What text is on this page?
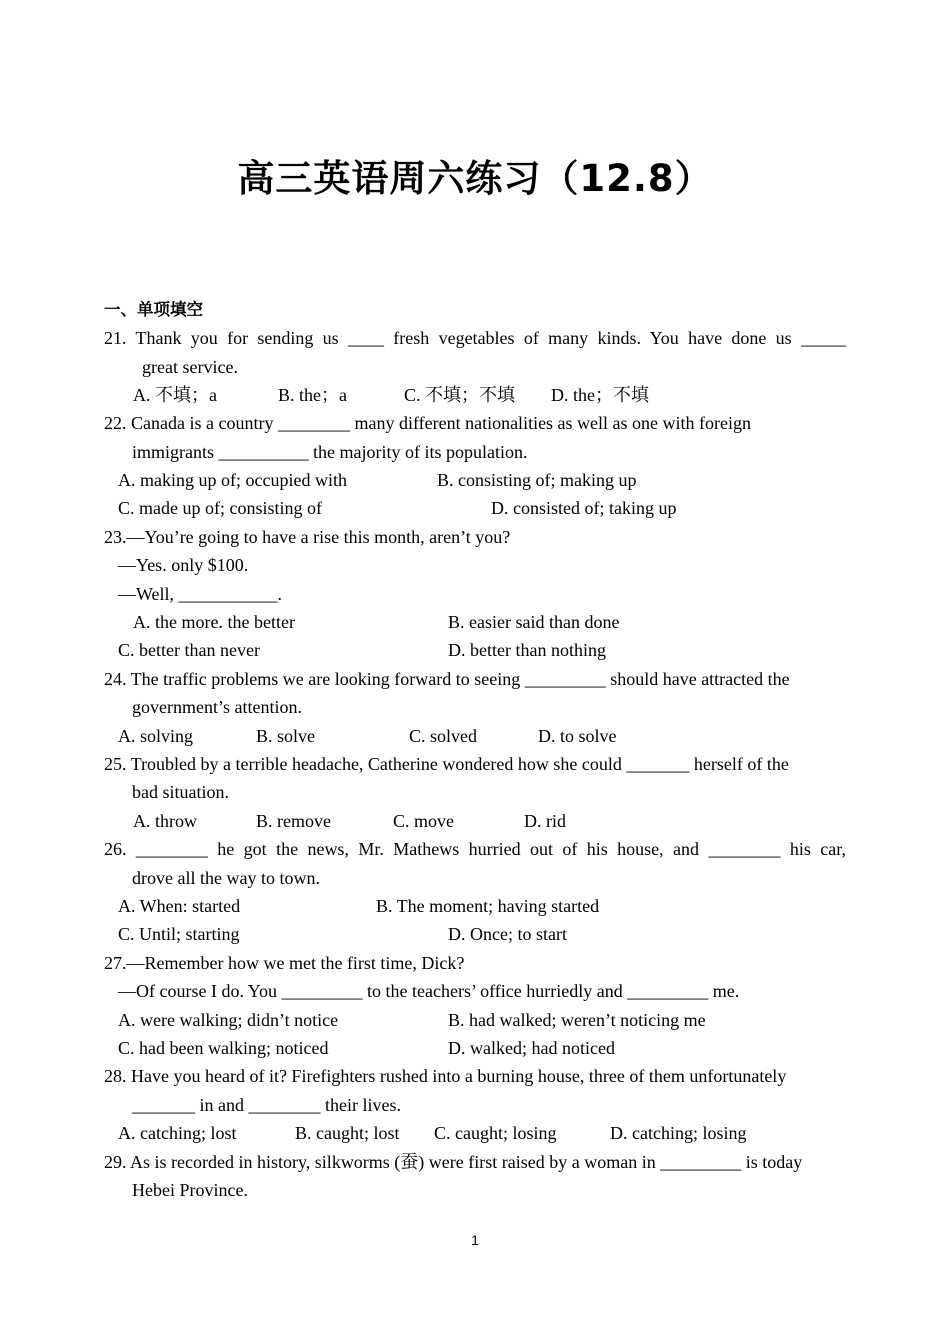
高三英语周六练习（12.8）
一、单项填空
21. Thank you for sending us ____ fresh vegetables of many kinds. You have done us _____
great service.
A. 不填；a	B. the；a	C. 不填；不填 D. the；不填
22. Canada is a country ________ many different nationalities as well as one with foreign
immigrants __________ the majority of its population.
A. making up of; occupied with	B. consisting of; making up
C. made up of; consisting of	D. consisted of; taking up
23.—You’re going to have a rise this month, aren’t you?
—Yes. only $100.
—Well, ___________.
A. the more. the better	B. easier said than done
C. better than never	D. better than nothing
24. The traffic problems we are looking forward to seeing _________ should have attracted the
government’s attention.
A. solving	B. solve	C. solved	D. to solve
25. Troubled by a terrible headache, Catherine wondered how she could _______ herself of the
bad situation.
A. throw	B. remove	C. move	D. rid
26. ________ he got the news, Mr. Mathews hurried out of his house, and ________ his car,
drove all the way to town.
A. When: started	B. The moment; having started
C. Until; starting	D. Once; to start
27.—Remember how we met the first time, Dick?
—Of course I do. You _________ to the teachers’ office hurriedly and _________ me.
A. were walking; didn’t notice	B. had walked; weren’t noticing me
C. had been walking; noticed	D. walked; had noticed
28. Have you heard of it? Firefighters rushed into a burning house, three of them unfortunately
_______ in and ________ their lives.
A. catching; lost	B. caught; lost C. caught; losing	D. catching; losing
29. As is recorded in history, silkworms (蚕) were first raised by a woman in _________ is today
Hebei Province.
1
